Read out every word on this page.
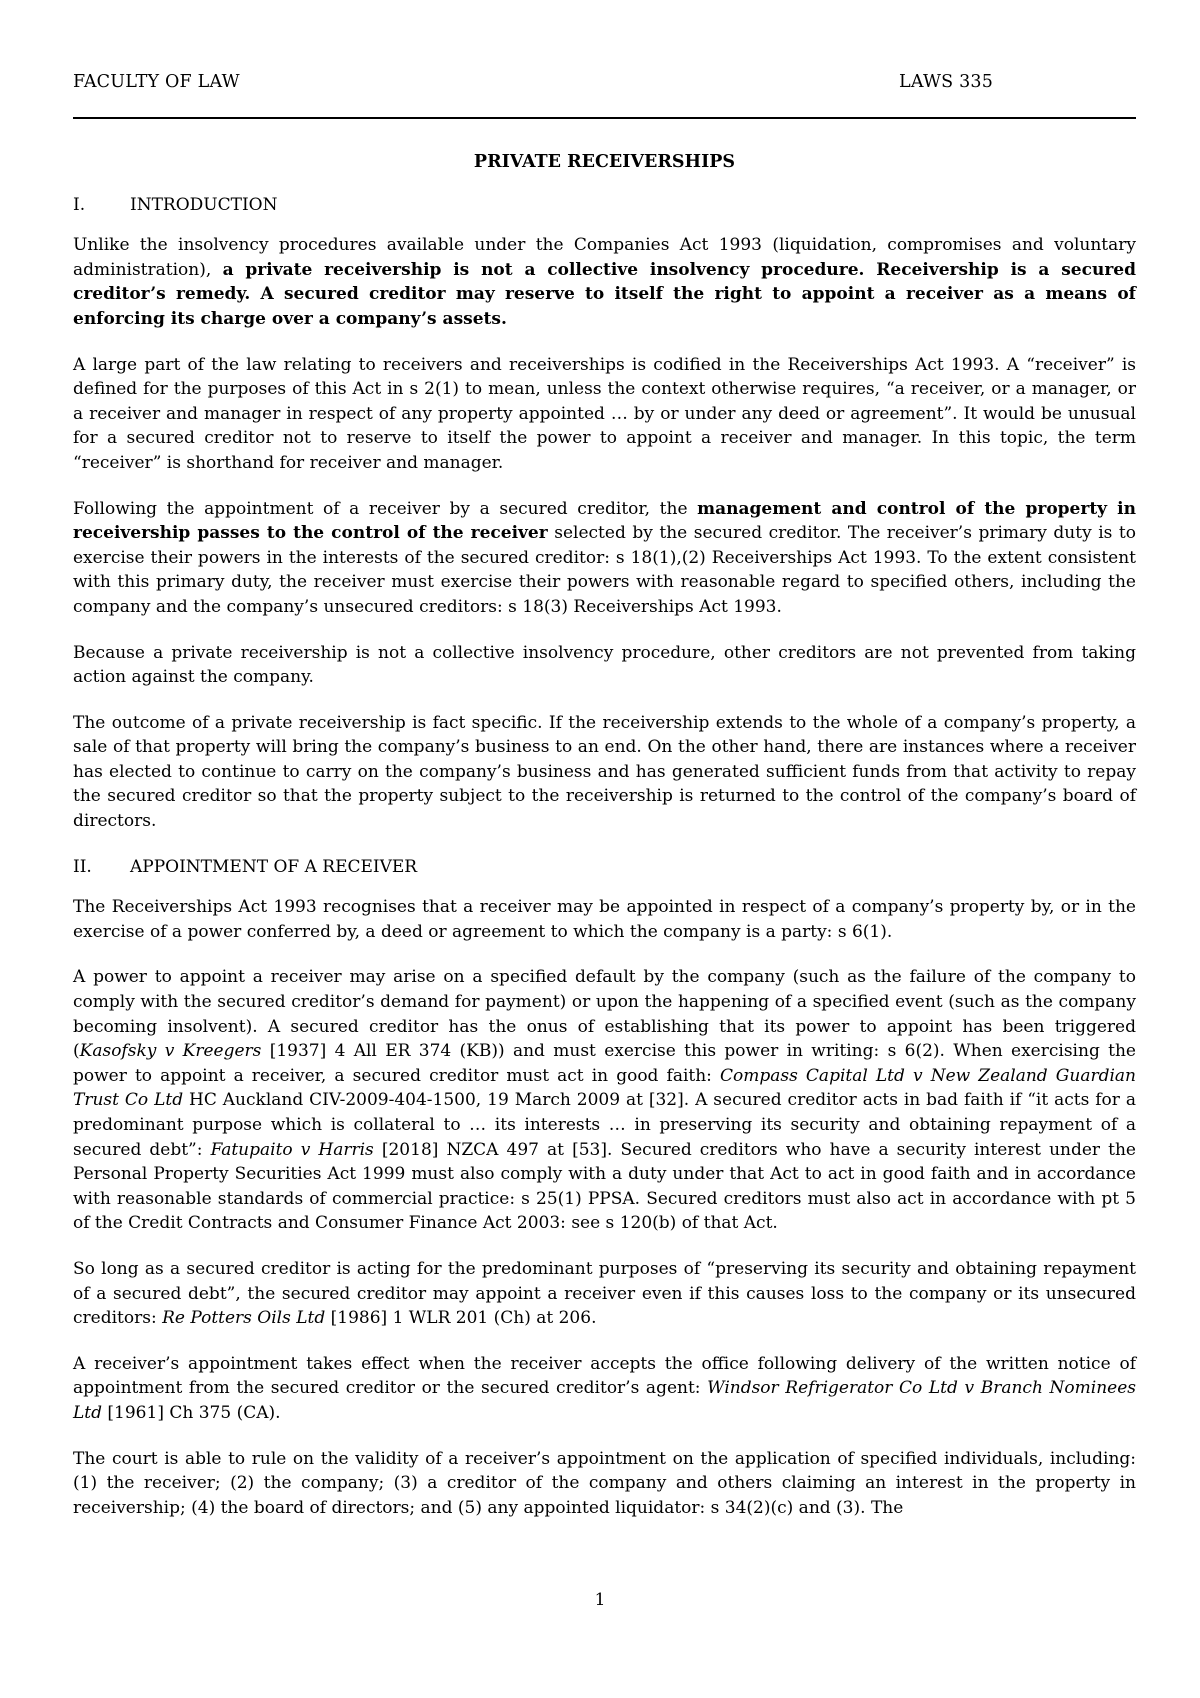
FACULTY OF LAW	LAWS 335
PRIVATE RECEIVERSHIPS
I.	INTRODUCTION

Unlike the insolvency procedures available under the Companies Act 1993 (liquidation, compromises and voluntary administration), a private receivership is not a collective insolvency procedure. Receivership is a secured creditor’s remedy. A secured creditor may reserve to itself the right to appoint a receiver as a means of enforcing its charge over a company’s assets.

A large part of the law relating to receivers and receiverships is codified in the Receiverships Act 1993. A “receiver” is defined for the purposes of this Act in s 2(1) to mean, unless the context otherwise requires, “a receiver, or a manager, or a receiver and manager in respect of any property appointed … by or under any deed or agreement”. It would be unusual for a secured creditor not to reserve to itself the power to appoint a receiver and manager. In this topic, the term “receiver” is shorthand for receiver and manager.

Following the appointment of a receiver by a secured creditor, the management and control of the property in receivership passes to the control of the receiver selected by the secured creditor. The receiver’s primary duty is to exercise their powers in the interests of the secured creditor: s 18(1),(2) Receiverships Act 1993. To the extent consistent with this primary duty, the receiver must exercise their powers with reasonable regard to specified others, including the company and the company’s unsecured creditors: s 18(3) Receiverships Act 1993.

Because a private receivership is not a collective insolvency procedure, other creditors are not prevented from taking action against the company.

The outcome of a private receivership is fact specific. If the receivership extends to the whole of a company’s property, a sale of that property will bring the company’s business to an end. On the other hand, there are instances where a receiver has elected to continue to carry on the company’s business and has generated sufficient funds from that activity to repay the secured creditor so that the property subject to the receivership is returned to the control of the company’s board of directors.

II. APPOINTMENT OF A RECEIVER

The Receiverships Act 1993 recognises that a receiver may be appointed in respect of a company’s property by, or in the exercise of a power conferred by, a deed or agreement to which the company is a party: s 6(1).

A power to appoint a receiver may arise on a specified default by the company (such as the failure of the company to comply with the secured creditor’s demand for payment) or upon the happening of a specified event (such as the company becoming insolvent). A secured creditor has the onus of establishing that its power to appoint has been triggered (Kasofsky v Kreegers [1937] 4 All ER 374 (KB)) and must exercise this power in writing: s 6(2). When exercising the power to appoint a receiver, a secured creditor must act in good faith: Compass Capital Ltd v New Zealand Guardian Trust Co Ltd HC Auckland CIV-2009-404-1500, 19 March 2009 at [32]. A secured creditor acts in bad faith if “it acts for a predominant purpose which is collateral to … its interests … in preserving its security and obtaining repayment of a secured debt”: Fatupaito v Harris [2018] NZCA 497 at [53]. Secured creditors who have a security interest under the Personal Property Securities Act 1999 must also comply with a duty under that Act to act in good faith and in accordance with reasonable standards of commercial practice: s 25(1) PPSA. Secured creditors must also act in accordance with pt 5 of the Credit Contracts and Consumer Finance Act 2003: see s 120(b) of that Act.

So long as a secured creditor is acting for the predominant purposes of “preserving its security and obtaining repayment of a secured debt”, the secured creditor may appoint a receiver even if this causes loss to the company or its unsecured creditors: Re Potters Oils Ltd [1986] 1 WLR 201 (Ch) at 206.

A receiver’s appointment takes effect when the receiver accepts the office following delivery of the written notice of appointment from the secured creditor or the secured creditor’s agent: Windsor Refrigerator Co Ltd v Branch Nominees Ltd [1961] Ch 375 (CA).

The court is able to rule on the validity of a receiver’s appointment on the application of specified individuals, including: (1) the receiver; (2) the company; (3) a creditor of the company and others claiming an interest in the property in receivership; (4) the board of directors; and (5) any appointed liquidator: s 34(2)(c) and (3). The

1
